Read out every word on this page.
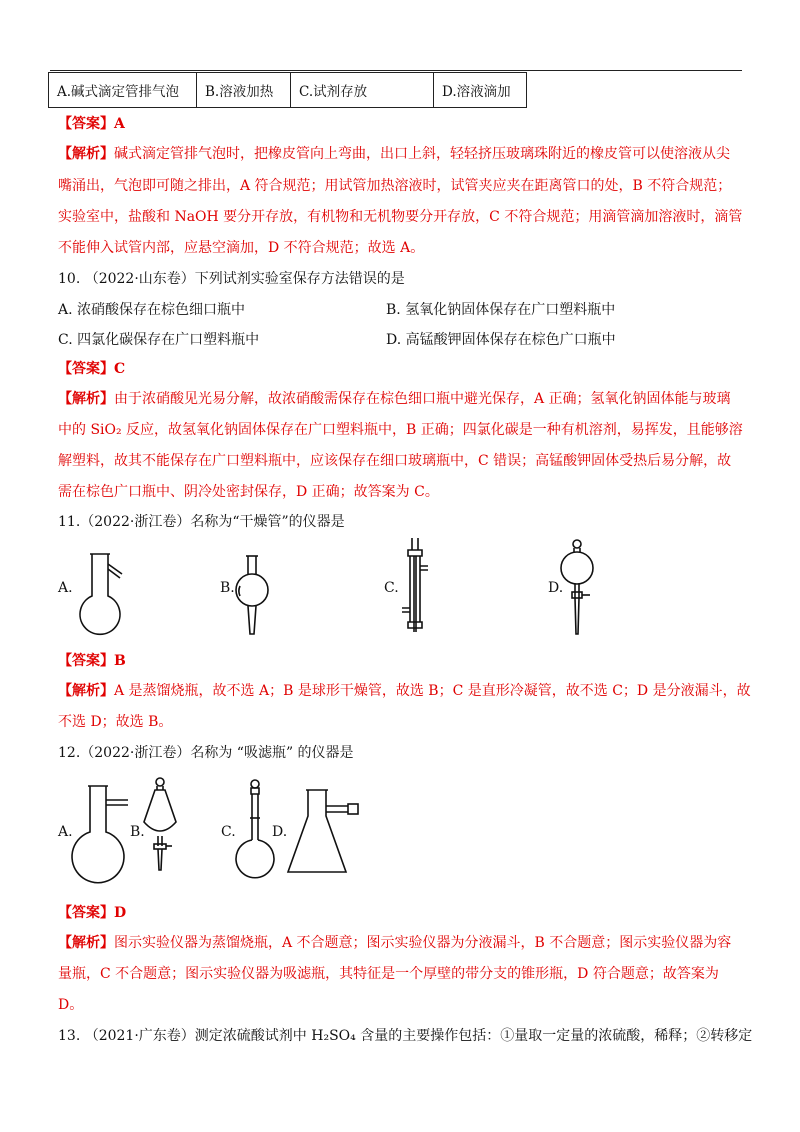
A.碱式滴定管排气泡	B.溶液加热	C.试剂存放	D.溶液滴加
【答案】A
【解析】碱式滴定管排气泡时，把橡皮管向上弯曲，出口上斜，轻轻挤压玻璃珠附近的橡皮管可以使溶液从尖
嘴涌出，气泡即可随之排出，A 符合规范；用试管加热溶液时，试管夹应夹在距离管口的处，B 不符合规范；
实验室中，盐酸和 NaOH 要分开存放，有机物和无机物要分开存放，C 不符合规范；用滴管滴加溶液时，滴管
不能伸入试管内部，应悬空滴加，D 不符合规范；故选 A。
10. （2022·山东卷）下列试剂实验室保存方法错误的是
A. 浓硝酸保存在棕色细口瓶中	B. 氢氧化钠固体保存在广口塑料瓶中
C. 四氯化碳保存在广口塑料瓶中	D. 高锰酸钾固体保存在棕色广口瓶中
【答案】C
【解析】由于浓硝酸见光易分解，故浓硝酸需保存在棕色细口瓶中避光保存，A 正确；氢氧化钠固体能与玻璃
中的 SiO₂ 反应，故氢氧化钠固体保存在广口塑料瓶中，B 正确；四氯化碳是一种有机溶剂，易挥发，且能够溶
解塑料，故其不能保存在广口塑料瓶中，应该保存在细口玻璃瓶中，C 错误；高锰酸钾固体受热后易分解，故
需在棕色广口瓶中、阴冷处密封保存，D 正确；故答案为 C。
11.（2022·浙江卷）名称为“干燥管”的仪器是
A.	B.	C.	D.
【答案】B
【解析】A 是蒸馏烧瓶，故不选 A；B 是球形干燥管，故选 B；C 是直形冷凝管，故不选 C；D 是分液漏斗，故
不选 D；故选 B。
12.（2022·浙江卷）名称为 “吸滤瓶” 的仪器是
A.	B.	C.	D.
【答案】D
【解析】图示实验仪器为蒸馏烧瓶，A 不合题意；图示实验仪器为分液漏斗，B 不合题意；图示实验仪器为容
量瓶，C 不合题意；图示实验仪器为吸滤瓶，其特征是一个厚壁的带分支的锥形瓶，D 符合题意；故答案为
D。
13. （2021·广东卷）测定浓硫酸试剂中 H₂SO₄ 含量的主要操作包括：①量取一定量的浓硫酸，稀释；②转移定
